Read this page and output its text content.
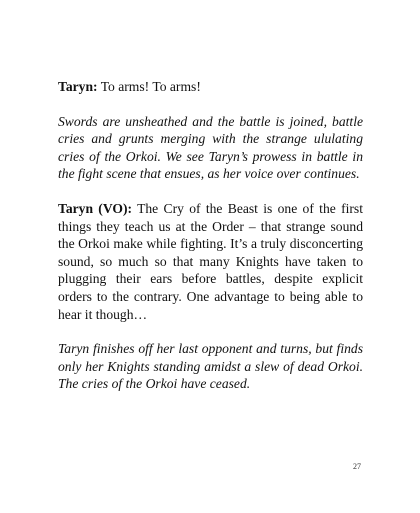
Taryn: To arms! To arms!

Swords are unsheathed and the battle is joined, battle cries and grunts merging with the strange ululating cries of the Orkoi. We see Taryn’s prowess in battle in the fight scene that ensues, as her voice over continues.

Taryn (VO): The Cry of the Beast is one of the first things they teach us at the Order – that strange sound the Orkoi make while fighting. It’s a truly disconcerting sound, so much so that many Knights have taken to plugging their ears before battles, despite explicit orders to the contrary. One advantage to being able to hear it though…

Taryn finishes off her last opponent and turns, but finds only her Knights standing amidst a slew of dead Orkoi. The cries of the Orkoi have ceased.

27
